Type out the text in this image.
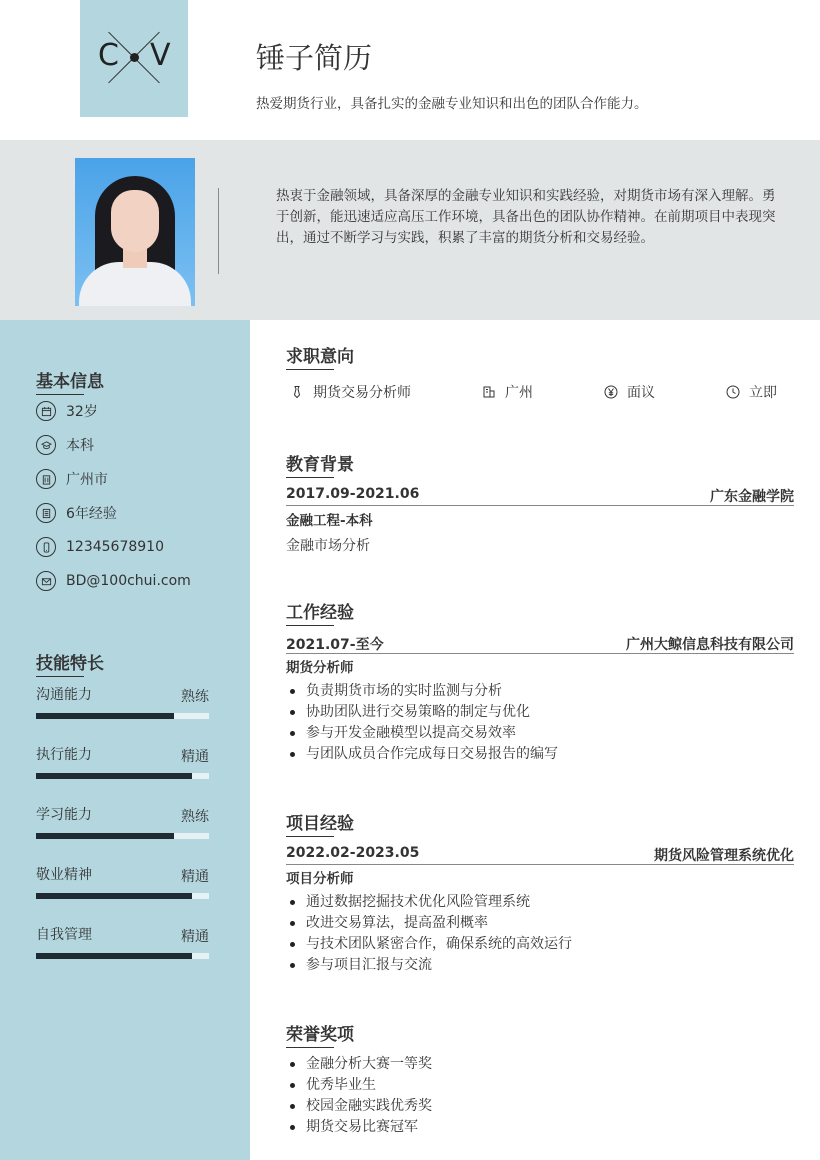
C V	锤子简历
热爱期货行业，具备扎实的金融专业知识和出色的团队合作能力。

热衷于金融领域，具备深厚的金融专业知识和实践经验，对期货市场有深入理解。勇于创新，能迅速适应高压工作环境，具备出色的团队协作精神。在前期项目中表现突出，通过不断学习与实践，积累了丰富的期货分析和交易经验。

基本信息
32岁
本科
广州市
6年经验
12345678910
BD@100chui.com
技能特长
沟通能力	熟练
执行能力	精通
学习能力	熟练
敬业精神	精通
自我管理	精通
求职意向
期货交易分析师	广州	面议	立即
教育背景
2017.09-2021.06	广东金融学院
金融工程-本科
金融市场分析
工作经验
2021.07-至今	广州大鲸信息科技有限公司
期货分析师
负责期货市场的实时监测与分析
协助团队进行交易策略的制定与优化
参与开发金融模型以提高交易效率
与团队成员合作完成每日交易报告的编写
项目经验
2022.02-2023.05	期货风险管理系统优化
项目分析师
通过数据挖掘技术优化风险管理系统
改进交易算法，提高盈利概率
与技术团队紧密合作，确保系统的高效运行
参与项目汇报与交流
荣誉奖项
金融分析大赛一等奖
优秀毕业生
校园金融实践优秀奖
期货交易比赛冠军
